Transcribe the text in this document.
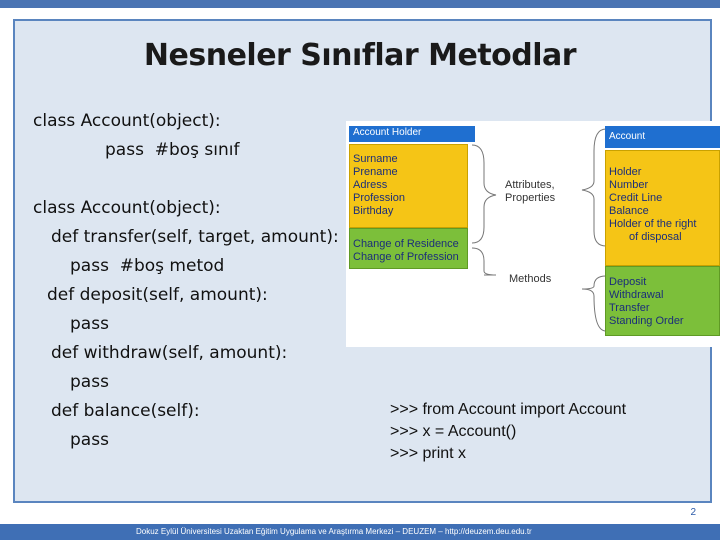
Nesneler Sınıflar Metodlar
class Account(object):
pass  #boş sınıf
class Account(object):
def transfer(self, target, amount):
pass  #boş metod
def deposit(self, amount):
pass
def withdraw(self, amount):
pass
def balance(self):
pass
Account Holder
Surname
Prename
Adress
Profession
Birthday
Change of Residence
Change of Profession
Attributes,
Properties
Methods
Account
Holder
Number
Credit Line
Balance
Holder of the right
of disposal
Deposit
Withdrawal
Transfer
Standing Order
>>> from Account import Account
>>> x = Account()
>>> print x
2
Dokuz Eylül Üniversitesi Uzaktan Eğitim Uygulama ve Araştırma Merkezi – DEUZEM – http://deuzem.deu.edu.tr
